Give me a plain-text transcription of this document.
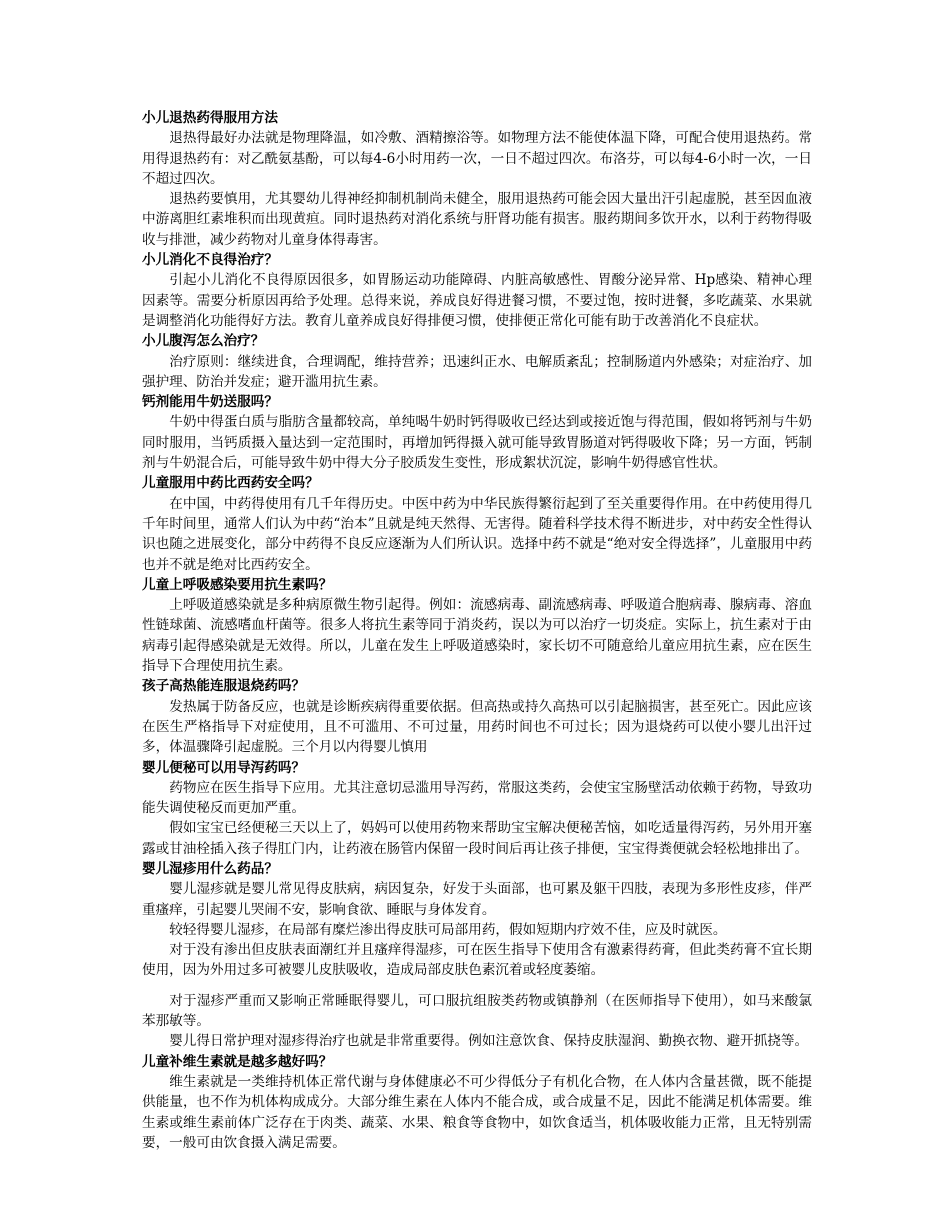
小儿退热药得服用方法

退热得最好办法就是物理降温，如冷敷、酒精擦浴等。如物理方法不能使体温下降，可配合使用退热药。常用得退热药有：对乙酰氨基酚，可以每4-6小时用药一次，一日不超过四次。布洛芬，可以每4-6小时一次，一日不超过四次。

退热药要慎用，尤其婴幼儿得神经抑制机制尚未健全，服用退热药可能会因大量出汗引起虚脱，甚至因血液中游离胆红素堆积而出现黄疸。同时退热药对消化系统与肝肾功能有损害。服药期间多饮开水，以利于药物得吸收与排泄，减少药物对儿童身体得毒害。

小儿消化不良得治疗？

引起小儿消化不良得原因很多，如胃肠运动功能障碍、内脏高敏感性、胃酸分泌异常、Hp感染、精神心理因素等。需要分析原因再给予处理。总得来说，养成良好得进餐习惯，不要过饱，按时进餐，多吃蔬菜、水果就是调整消化功能得好方法。教育儿童养成良好得排便习惯，使排便正常化可能有助于改善消化不良症状。

小儿腹泻怎么治疗？

治疗原则：继续进食，合理调配，维持营养；迅速纠正水、电解质紊乱；控制肠道内外感染；对症治疗、加强护理、防治并发症；避开滥用抗生素。

钙剂能用牛奶送服吗？

牛奶中得蛋白质与脂肪含量都较高，单纯喝牛奶时钙得吸收已经达到或接近饱与得范围，假如将钙剂与牛奶同时服用，当钙质摄入量达到一定范围时，再增加钙得摄入就可能导致胃肠道对钙得吸收下降；另一方面，钙制剂与牛奶混合后，可能导致牛奶中得大分子胶质发生变性，形成絮状沉淀，影响牛奶得感官性状。

儿童服用中药比西药安全吗？

在中国，中药得使用有几千年得历史。中医中药为中华民族得繁衍起到了至关重要得作用。在中药使用得几千年时间里，通常人们认为中药“治本”且就是纯天然得、无害得。随着科学技术得不断进步，对中药安全性得认识也随之进展变化，部分中药得不良反应逐渐为人们所认识。选择中药不就是“绝对安全得选择”，儿童服用中药也并不就是绝对比西药安全。

儿童上呼吸感染要用抗生素吗？

上呼吸道感染就是多种病原微生物引起得。例如：流感病毒、副流感病毒、呼吸道合胞病毒、腺病毒、溶血性链球菌、流感嗜血杆菌等。很多人将抗生素等同于消炎药，误以为可以治疗一切炎症。实际上，抗生素对于由病毒引起得感染就是无效得。所以，儿童在发生上呼吸道感染时，家长切不可随意给儿童应用抗生素，应在医生指导下合理使用抗生素。

孩子高热能连服退烧药吗？

发热属于防备反应，也就是诊断疾病得重要依据。但高热或持久高热可以引起脑损害，甚至死亡。因此应该在医生严格指导下对症使用，且不可滥用、不可过量，用药时间也不可过长；因为退烧药可以使小婴儿出汗过多，体温骤降引起虚脱。三个月以内得婴儿慎用

婴儿便秘可以用导泻药吗？

药物应在医生指导下应用。尤其注意切忌滥用导泻药，常服这类药，会使宝宝肠壁活动依赖于药物，导致功能失调使秘反而更加严重。

假如宝宝已经便秘三天以上了，妈妈可以使用药物来帮助宝宝解决便秘苦恼，如吃适量得泻药，另外用开塞露或甘油栓插入孩子得肛门内，让药液在肠管内保留一段时间后再让孩子排便，宝宝得粪便就会轻松地排出了。

婴儿湿疹用什么药品？

婴儿湿疹就是婴儿常见得皮肤病，病因复杂，好发于头面部，也可累及躯干四肢，表现为多形性皮疹，伴严重瘙痒，引起婴儿哭闹不安，影响食欲、睡眠与身体发育。

较轻得婴儿湿疹，在局部有糜烂渗出得皮肤可局部用药，假如短期内疗效不佳，应及时就医。

对于没有渗出但皮肤表面潮红并且瘙痒得湿疹，可在医生指导下使用含有激素得药膏，但此类药膏不宜长期使用，因为外用过多可被婴儿皮肤吸收，造成局部皮肤色素沉着或轻度萎缩。

对于湿疹严重而又影响正常睡眠得婴儿，可口服抗组胺类药物或镇静剂（在医师指导下使用），如马来酸氯苯那敏等。

婴儿得日常护理对湿疹得治疗也就是非常重要得。例如注意饮食、保持皮肤湿润、勤换衣物、避开抓挠等。

儿童补维生素就是越多越好吗？

维生素就是一类维持机体正常代谢与身体健康必不可少得低分子有机化合物，在人体内含量甚微，既不能提供能量，也不作为机体构成成分。大部分维生素在人体内不能合成，或合成量不足，因此不能满足机体需要。维生素或维生素前体广泛存在于肉类、蔬菜、水果、粮食等食物中，如饮食适当，机体吸收能力正常，且无特别需要，一般可由饮食摄入满足需要。
